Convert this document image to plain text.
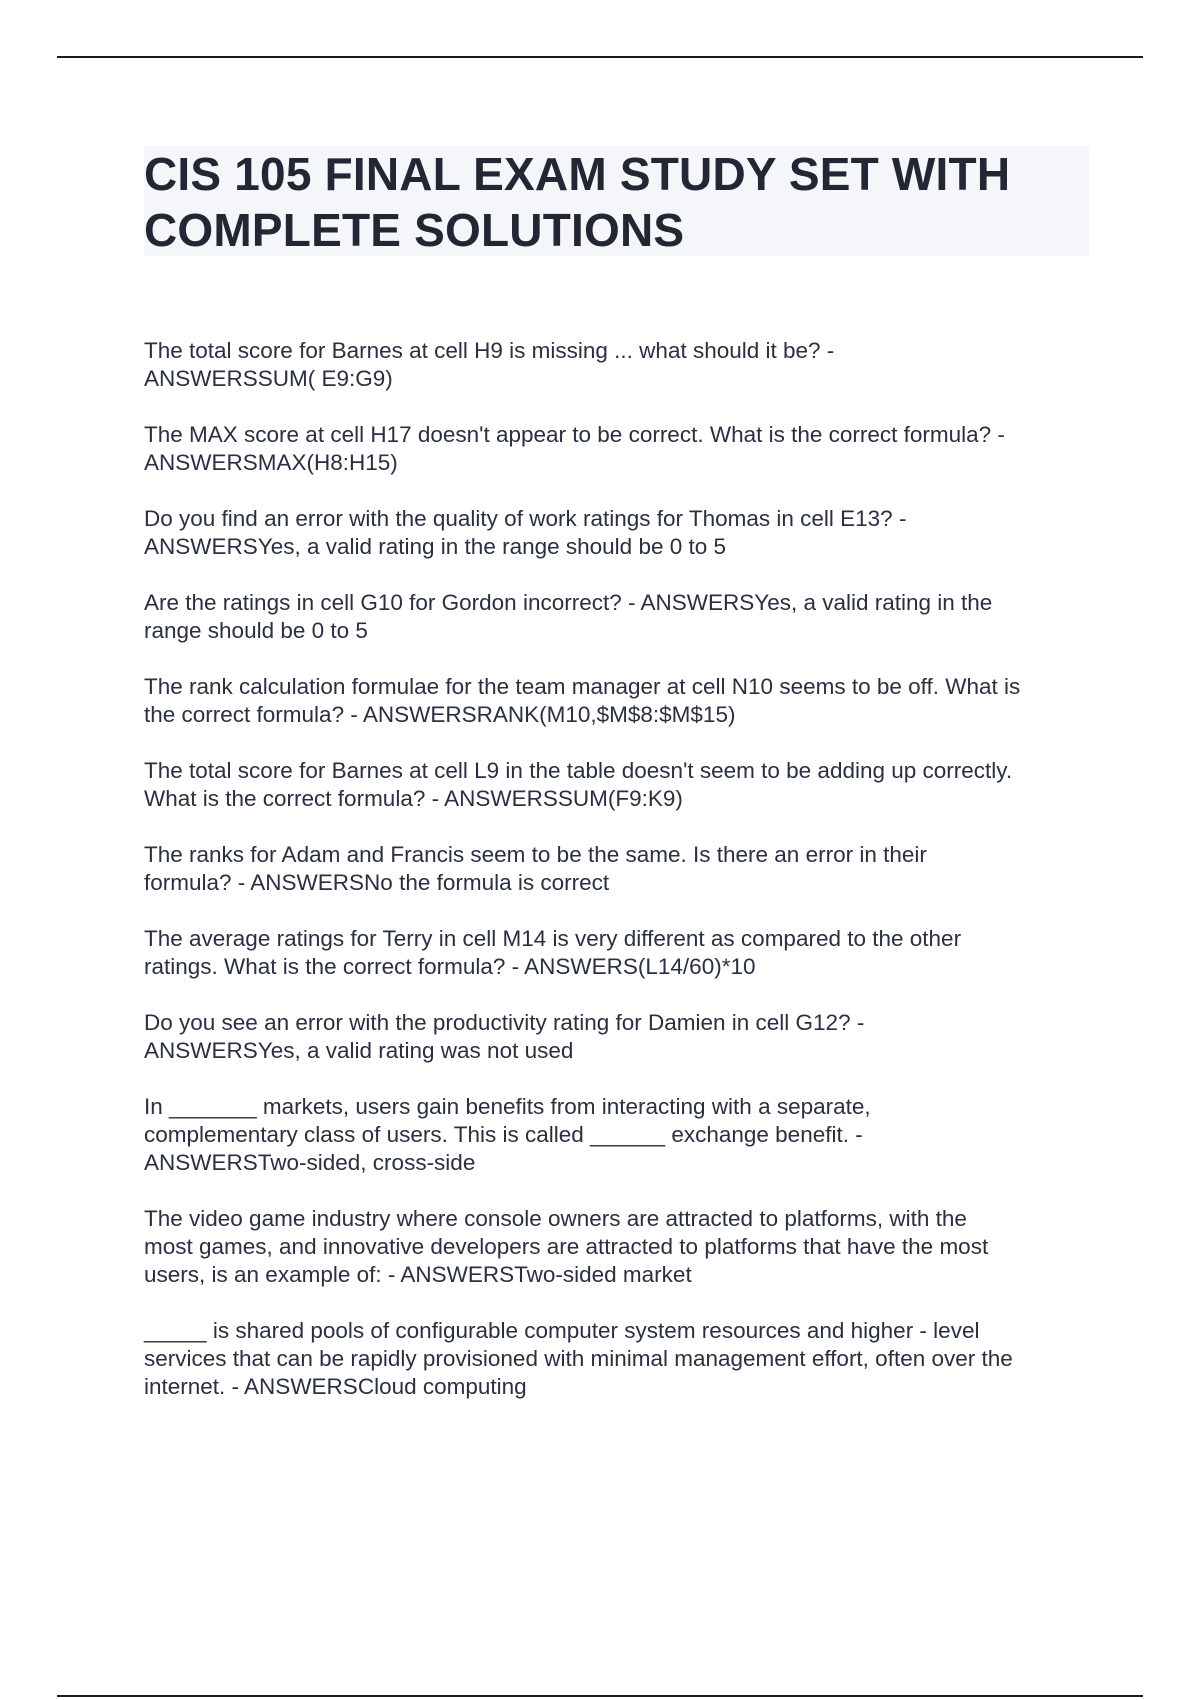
CIS 105 FINAL EXAM STUDY SET WITH
COMPLETE SOLUTIONS

The total score for Barnes at cell H9 is missing ... what should it be? -
ANSWERSSUM( E9:G9)

The MAX score at cell H17 doesn't appear to be correct. What is the correct formula? -
ANSWERSMAX(H8:H15)

Do you find an error with the quality of work ratings for Thomas in cell E13? -
ANSWERSYes, a valid rating in the range should be 0 to 5

Are the ratings in cell G10 for Gordon incorrect? - ANSWERSYes, a valid rating in the
range should be 0 to 5

The rank calculation formulae for the team manager at cell N10 seems to be off. What is
the correct formula? - ANSWERSRANK(M10,$M$8:$M$15)

The total score for Barnes at cell L9 in the table doesn't seem to be adding up correctly.
What is the correct formula? - ANSWERSSUM(F9:K9)

The ranks for Adam and Francis seem to be the same. Is there an error in their
formula? - ANSWERSNo the formula is correct

The average ratings for Terry in cell M14 is very different as compared to the other
ratings. What is the correct formula? - ANSWERS(L14/60)*10

Do you see an error with the productivity rating for Damien in cell G12? -
ANSWERSYes, a valid rating was not used

In _______ markets, users gain benefits from interacting with a separate,
complementary class of users. This is called ______ exchange benefit. -
ANSWERSTwo-sided, cross-side

The video game industry where console owners are attracted to platforms, with the
most games, and innovative developers are attracted to platforms that have the most
users, is an example of: - ANSWERSTwo-sided market

_____ is shared pools of configurable computer system resources and higher - level
services that can be rapidly provisioned with minimal management effort, often over the
internet. - ANSWERSCloud computing
